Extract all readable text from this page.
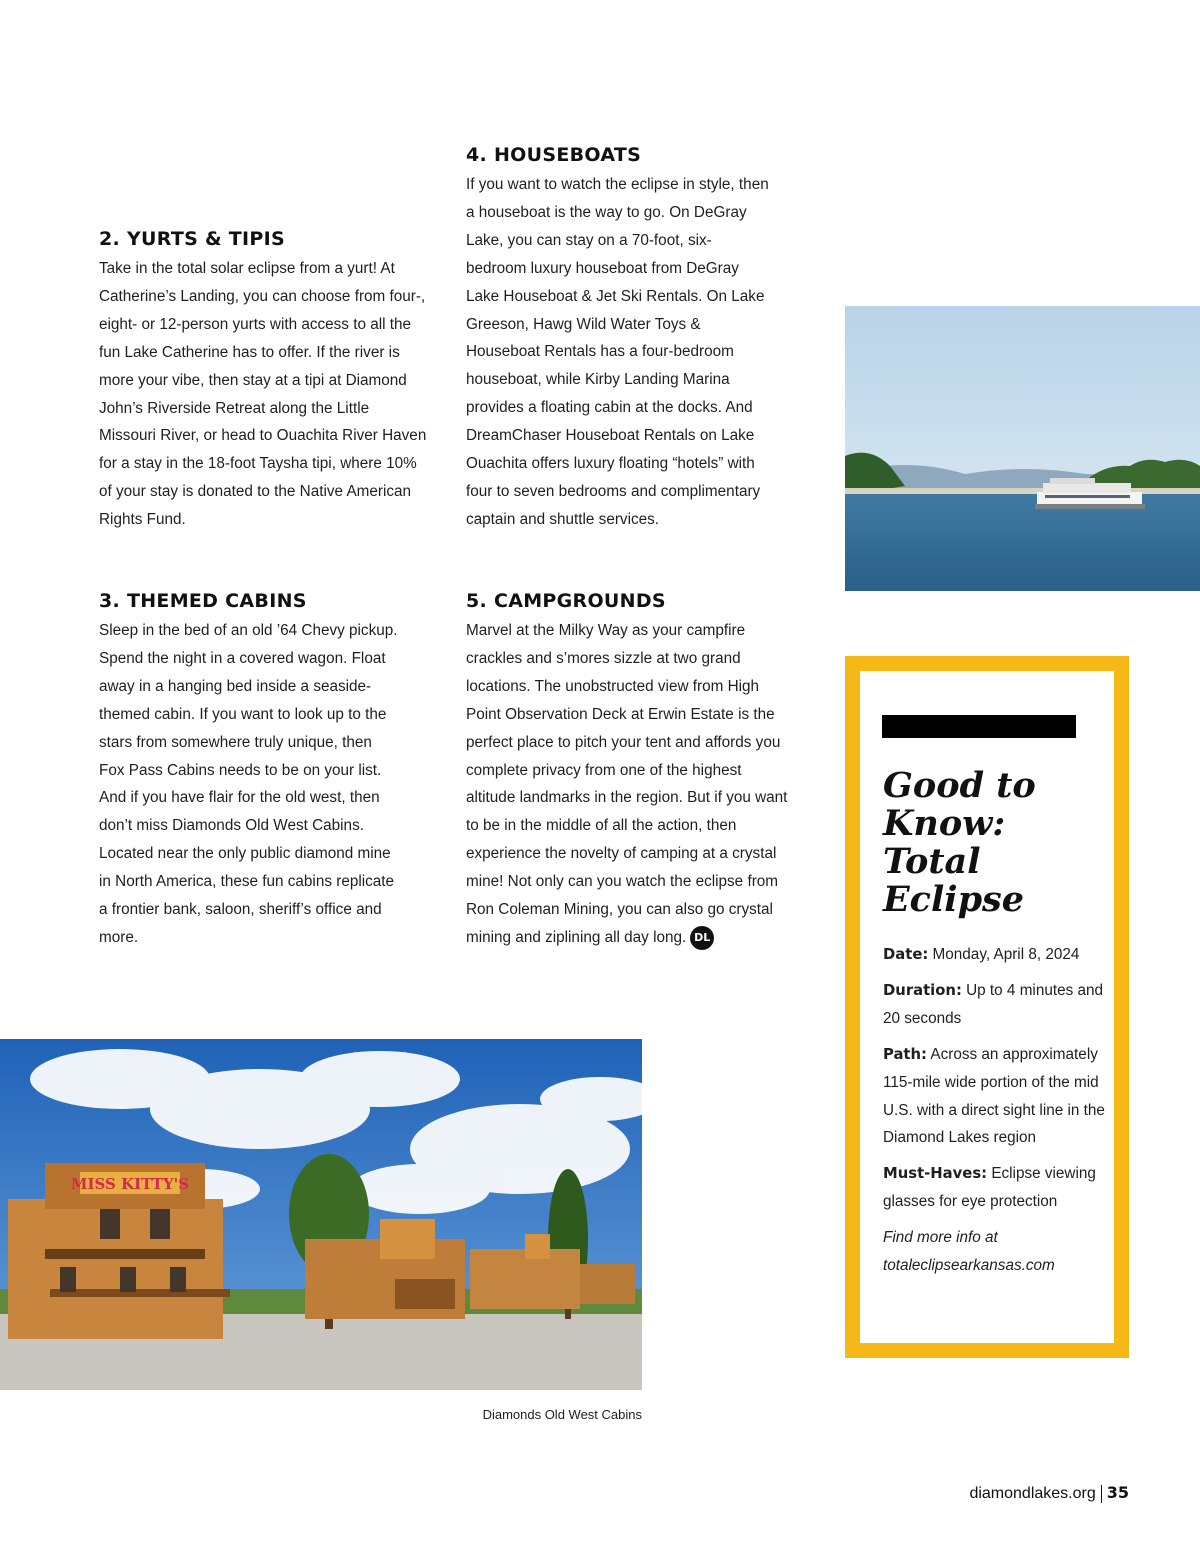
2. YURTS & TIPIS

Take in the total solar eclipse from a yurt! At Catherine’s Landing, you can choose from four-, eight- or 12-person yurts with access to all the fun Lake Catherine has to offer. If the river is more your vibe, then stay at a tipi at Diamond John’s Riverside Retreat along the Little Missouri River, or head to Ouachita River Haven for a stay in the 18-foot Taysha tipi, where 10% of your stay is donated to the Native American Rights Fund.

3. THEMED CABINS

Sleep in the bed of an old ’64 Chevy pickup. Spend the night in a covered wagon. Float away in a hanging bed inside a seaside-themed cabin. If you want to look up to the stars from somewhere truly unique, then Fox Pass Cabins needs to be on your list. And if you have flair for the old west, then don’t miss Diamonds Old West Cabins. Located near the only public diamond mine in North America, these fun cabins replicate a frontier bank, saloon, sheriff’s office and more.

4. HOUSEBOATS

If you want to watch the eclipse in style, then a houseboat is the way to go. On DeGray Lake, you can stay on a 70-foot, six-bedroom luxury houseboat from DeGray Lake Houseboat & Jet Ski Rentals. On Lake Greeson, Hawg Wild Water Toys & Houseboat Rentals has a four-bedroom houseboat, while Kirby Landing Marina provides a floating cabin at the docks. And DreamChaser Houseboat Rentals on Lake Ouachita offers luxury floating “hotels” with four to seven bedrooms and complimentary captain and shuttle services.

5. CAMPGROUNDS

Marvel at the Milky Way as your campfire crackles and s’mores sizzle at two grand locations. The unobstructed view from High Point Observation Deck at Erwin Estate is the perfect place to pitch your tent and affords you complete privacy from one of the highest altitude landmarks in the region. But if you want to be in the middle of all the action, then experience the novelty of camping at a crystal mine! Not only can you watch the eclipse from Ron Coleman Mining, you can also go crystal mining and ziplining all day long. DL

MISS KITTY'S
Diamonds Old West Cabins
Good to Know: Total Eclipse

Date: Monday, April 8, 2024

Duration: Up to 4 minutes and 20 seconds

Path: Across an approximately 115-mile wide portion of the mid U.S. with a direct sight line in the Diamond Lakes region

Must-Haves: Eclipse viewing glasses for eye protection

Find more info at totaleclipsearkansas.com

diamondlakes.org 35
